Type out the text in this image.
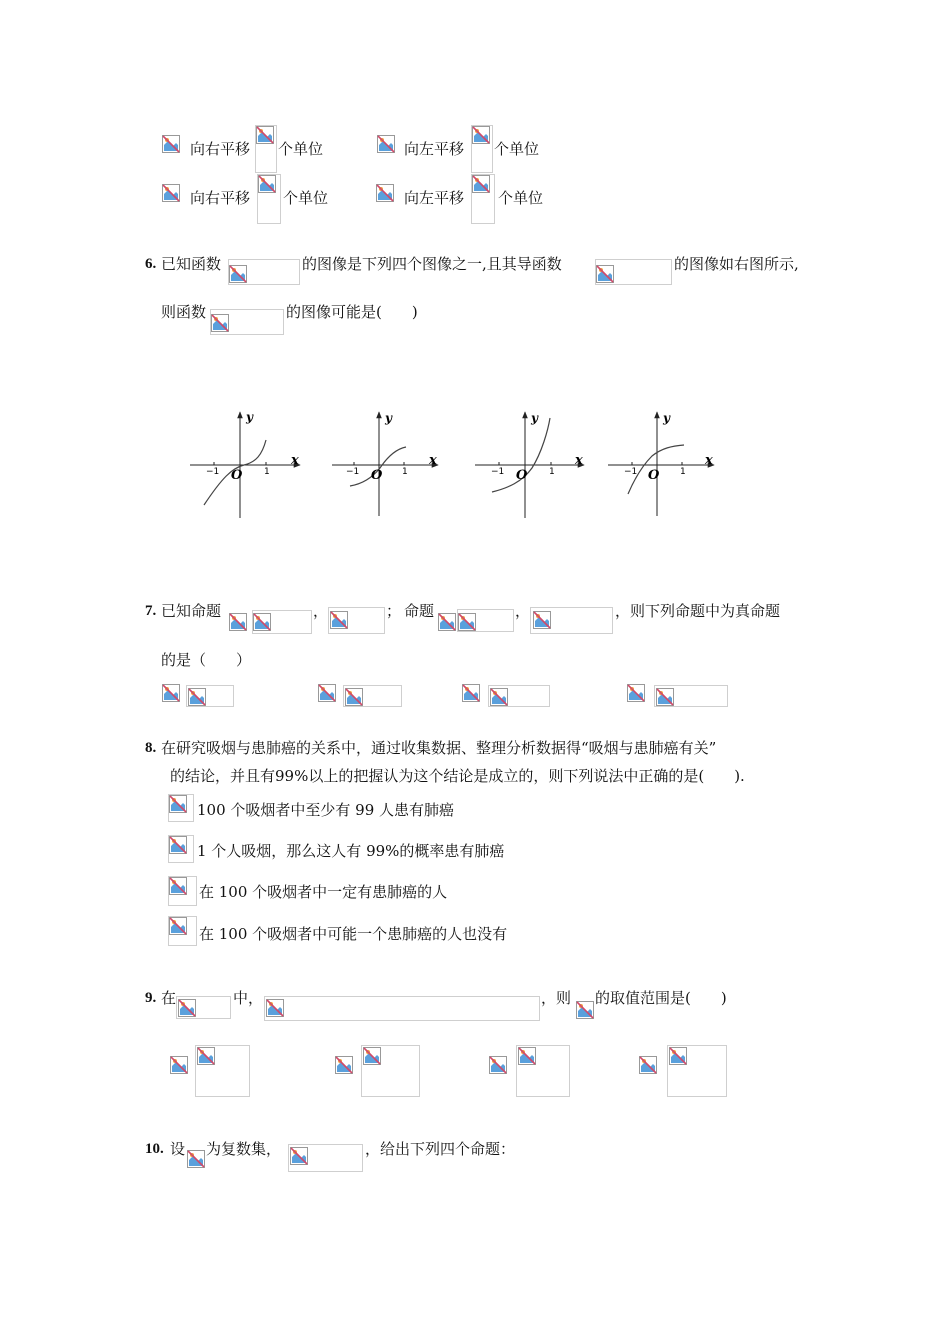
向右平移 个单位	向左平移 个单位
向右平移 个单位	向左平移 个单位
6. 已知函数	的图像是下列四个图像之一,且其导函数	的图像如右图所示,
则函数	的图像可能是(　　)
y
x
O
−1	1
y
x
O
−1	1
y
x
O
−1	1
y
x
O
−1	1
7. 已知命题	，	； 命题	，	，则下列命题中为真命题
的是（　　）
8. 在研究吸烟与患肺癌的关系中，通过收集数据、整理分析数据得“吸烟与患肺癌有关”
的结论，并且有99%以上的把握认为这个结论是成立的，则下列说法中正确的是(　　).
100 个吸烟者中至少有 99 人患有肺癌
1 个人吸烟，那么这人有 99%的概率患有肺癌
在 100 个吸烟者中一定有患肺癌的人
在 100 个吸烟者中可能一个患肺癌的人也没有
9. 在	中，	，则 的取值范围是(　　)
10. 设 为复数集，	，给出下列四个命题：
